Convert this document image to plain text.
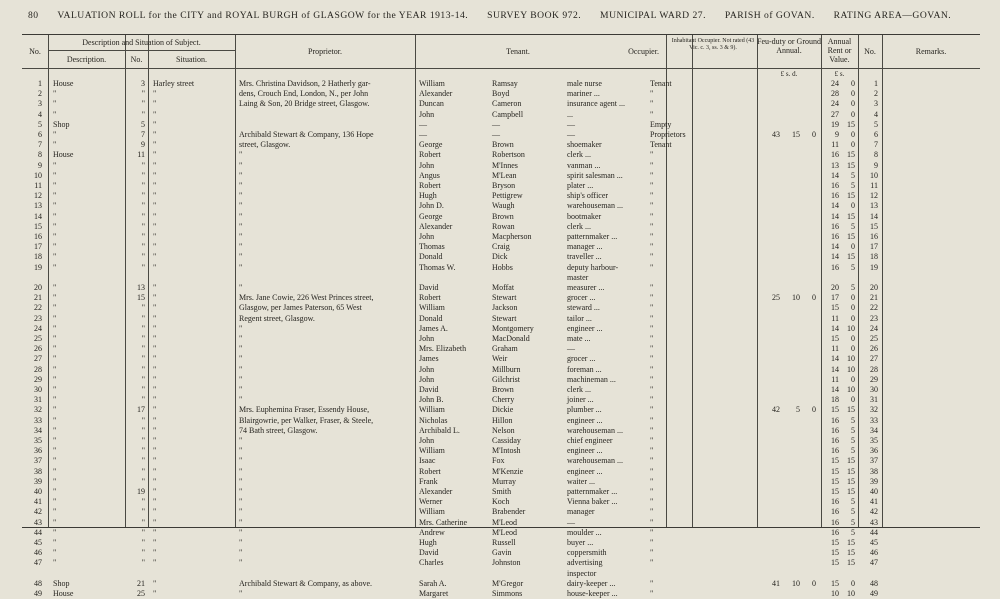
80 VALUATION ROLL for the CITY and ROYAL BURGH of GLASGOW for the YEAR 1913-14. SURVEY BOOK 972. MUNICIPAL WARD 27. PARISH of GOVAN. RATING AREA—GOVAN.
No.
Description and Situation of Subject.
Description.	No.	Situation.
Proprietor.	Tenant.	Occupier.
Inhabitant Occupier. Not rated (43 Vic. c. 3, ss. 3 & 9).
Feu-duty or Ground Annual.
Annual Rent or Value.
No.	Remarks.
£ s. d.	£ s.
1 House	3 Harley street	Mrs. Christina Davidson, 2 Hatherly gar-	William	Ramsay	male nurse	Tenant	24	0	1
2 "	" "	dens, Crouch End, London, N., per John	Alexander	Boyd	mariner ...	"	28	0	2
3 "	" "	Laing & Son, 20 Bridge street, Glasgow.	Duncan	Cameron	insurance agent ...	"	24	0	3
4 "	" "	John	Campbell	...	"	27	0	4
5 Shop	5 "	—	—	—	Empty	19	15	5
6 "	7 "	Archibald Stewart & Company, 136 Hope	—	—	—	Proprietors	43	15	0	9	0	6
7 "	9 "	street, Glasgow.	George	Brown	shoemaker	Tenant	11	0	7
8 House	11 "	"	Robert	Robertson	clerk ...	"	16	15	8
9 "	" "	"	John	M'Innes	vanman ...	"	13	15	9
10 "	" "	"	Angus	M'Lean	spirit salesman ...	"	14	5	10
11 "	" "	"	Robert	Bryson	plater ...	"	16	5	11
12 "	" "	"	Hugh	Pettigrew	ship's officer	"	16	15	12
13 "	" "	"	John D.	Waugh	warehouseman ...	"	14	0	13
14 "	" "	"	George	Brown	bootmaker	"	14	15	14
15 "	" "	"	Alexander	Rowan	clerk ...	"	16	5	15
16 "	" "	"	John	Macpherson	patternmaker ...	"	16	15	16
17 "	" "	"	Thomas	Craig	manager ...	"	14	0	17
18 "	" "	"	Donald	Dick	traveller ...	"	14	15	18
19 "	" "	"	Thomas W.	Hobbs	deputy harbour-	"	16	5	19
master
20 "	13 "	"	David	Moffat	measurer ...	"	20	5	20
21 "	15 "	Mrs. Jane Cowie, 226 West Princes street,	Robert	Stewart	grocer ...	"	25	10	0	17	0	21
22 "	" "	Glasgow, per James Paterson, 65 West	William	Jackson	steward ...	"	15	0	22
23 "	" "	Regent street, Glasgow.	Donald	Stewart	tailor ...	"	11	0	23
24 "	" "	"	James A.	Montgomery	engineer ...	"	14	10	24
25 "	" "	"	John	MacDonald	mate ...	"	15	0	25
26 "	" "	"	Mrs. Elizabeth	Graham	—	"	11	0	26
27 "	" "	"	James	Weir	grocer ...	"	14	10	27
28 "	" "	"	John	Millburn	foreman ...	"	14	10	28
29 "	" "	"	John	Gilchrist	machineman ...	"	11	0	29
30 "	" "	"	David	Brown	clerk ...	"	14	10	30
31 "	" "	"	John B.	Cherry	joiner ...	"	18	0	31
32 "	17 "	Mrs. Euphemina Fraser, Essendy House,	William	Dickie	plumber ...	"	42	5	0	15	15	32
33 "	" "	Blairgowrie, per Walker, Fraser, & Steele,	Nicholas	Hillon	engineer ...	"	16	5	33
34 "	" "	74 Bath street, Glasgow.	Archibald L.	Nelson	warehouseman ...	"	16	5	34
35 "	" "	"	John	Cassiday	chief engineer	"	16	5	35
36 "	" "	"	William	M'Intosh	engineer ...	"	16	5	36
37 "	" "	"	Isaac	Fox	warehouseman ...	"	15	15	37
38 "	" "	"	Robert	M'Kenzie	engineer ...	"	15	15	38
39 "	" "	"	Frank	Murray	waiter ...	"	15	15	39
40 "	19 "	"	Alexander	Smith	patternmaker ...	"	15	15	40
41 "	" "	"	Werner	Koch	Vienna baker ...	"	16	5	41
42 "	" "	"	William	Brabender	manager	"	16	5	42
43 "	" "	"	Mrs. Catherine	M'Leod	—	"	16	5	43
44 "	" "	"	Andrew	M'Leod	moulder ...	"	16	5	44
45 "	" "	"	Hugh	Russell	buyer ...	"	15	15	45
46 "	" "	"	David	Gavin	coppersmith	"	15	15	46
47 "	" "	"	Charles	Johnston	advertising	"	15	15	47
inspector
48 Shop	21 "	Archibald Stewart & Company, as above.	Sarah A.	M'Gregor	dairy-keeper ...	"	41	10	0	15	0	48
49 House	25 "	"	Margaret	Simmons	house-keeper ...	"	10	10	49
